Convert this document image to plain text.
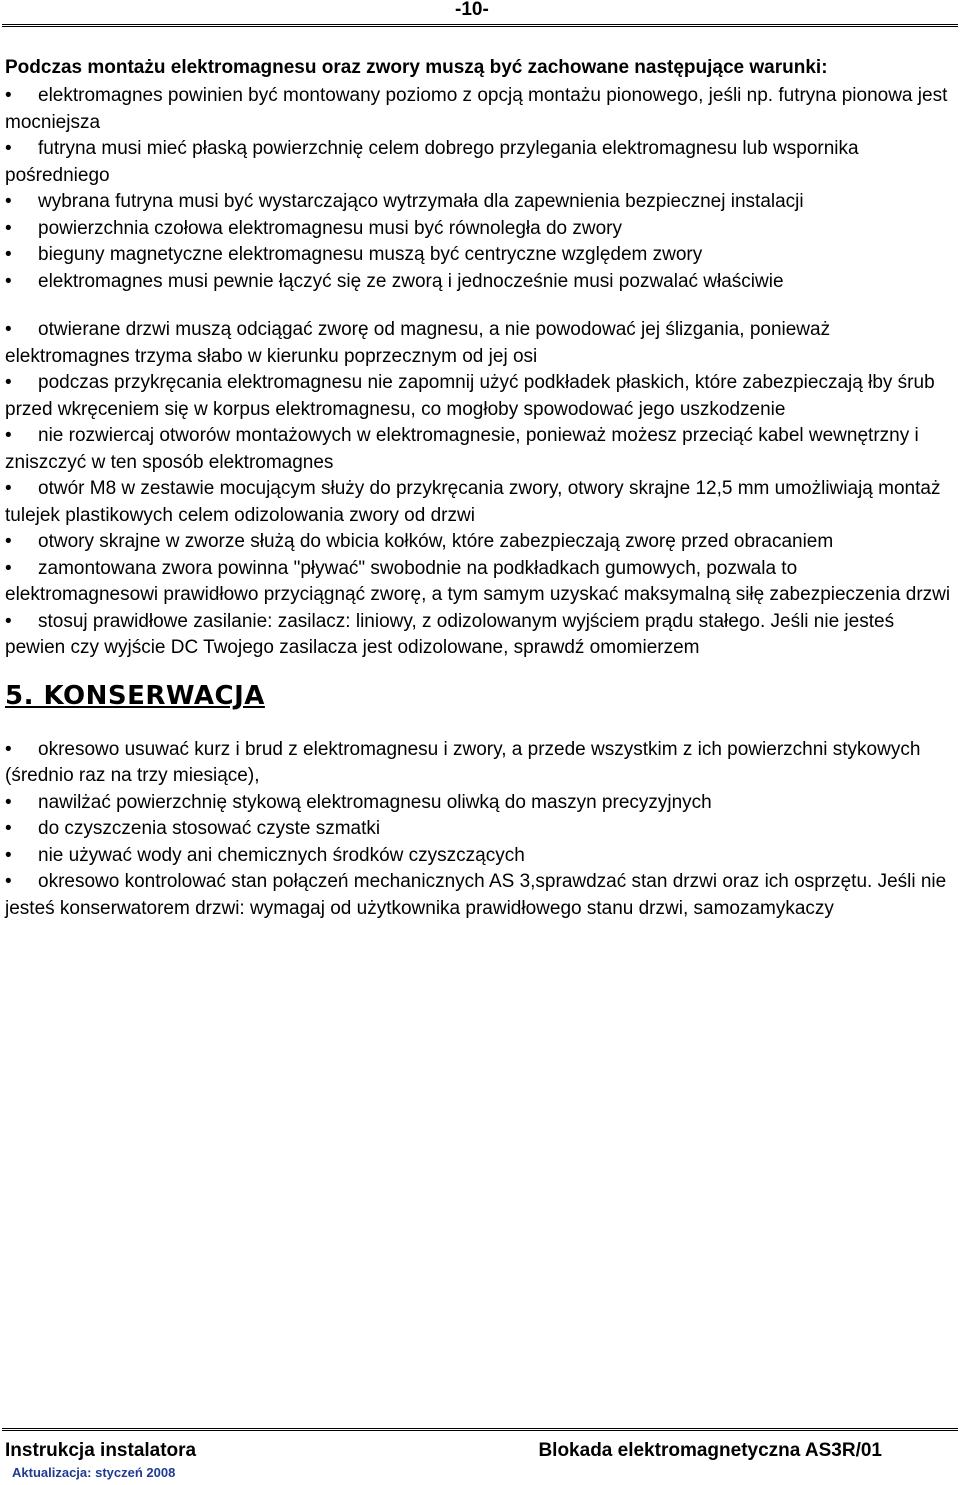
-10-
Podczas montażu elektromagnesu oraz zwory muszą być zachowane następujące warunki:
•	elektromagnes powinien być montowany poziomo z opcją montażu pionowego, jeśli np. futryna pionowa jest mocniejsza
•	futryna musi mieć płaską powierzchnię celem dobrego przylegania elektromagnesu lub wspornika pośredniego
•	wybrana futryna musi być wystarczająco wytrzymała dla zapewnienia bezpiecznej instalacji
•	powierzchnia czołowa elektromagnesu musi być równoległa do zwory
•	bieguny magnetyczne elektromagnesu muszą być centryczne względem zwory
•	elektromagnes musi pewnie łączyć się ze zworą i jednocześnie musi pozwalać właściwie
•	otwierane drzwi muszą odciągać zworę od magnesu, a nie powodować jej ślizgania, ponieważ elektromagnes trzyma słabo w kierunku poprzecznym od jej osi
•	podczas przykręcania elektromagnesu nie zapomnij użyć podkładek płaskich, które zabezpieczają łby śrub przed wkręceniem się w korpus elektromagnesu, co mogłoby spowodować jego uszkodzenie
•	nie rozwiercaj otworów montażowych w elektromagnesie, ponieważ możesz przeciąć kabel wewnętrzny i zniszczyć w ten sposób elektromagnes
•	otwór M8 w zestawie mocującym służy do przykręcania zwory, otwory skrajne 12,5 mm umożliwiają montaż tulejek plastikowych celem odizolowania zwory od drzwi
•	otwory skrajne w zworze służą do wbicia kołków, które zabezpieczają zworę przed obracaniem
•	zamontowana zwora powinna "pływać" swobodnie na podkładkach gumowych, pozwala to elektromagnesowi prawidłowo przyciągnąć zworę, a tym samym uzyskać maksymalną siłę zabezpieczenia drzwi
•	stosuj prawidłowe zasilanie: zasilacz: liniowy, z odizolowanym wyjściem prądu stałego. Jeśli nie jesteś pewien czy wyjście DC Twojego zasilacza jest odizolowane, sprawdź omomierzem
5. KONSERWACJA
•	okresowo usuwać kurz i brud z elektromagnesu i zwory, a przede wszystkim z ich powierzchni stykowych (średnio raz na trzy miesiące),
•	nawilżać powierzchnię stykową elektromagnesu oliwką do maszyn precyzyjnych
•	do czyszczenia stosować czyste szmatki
•	nie używać wody ani chemicznych środków czyszczących
•	okresowo kontrolować stan połączeń mechanicznych AS 3,sprawdzać stan drzwi oraz ich osprzętu. Jeśli nie jesteś konserwatorem drzwi: wymagaj od użytkownika prawidłowego stanu drzwi, samozamykaczy
Instrukcja instalatora	Blokada elektromagnetyczna AS3R/01
Aktualizacja: styczeń 2008
